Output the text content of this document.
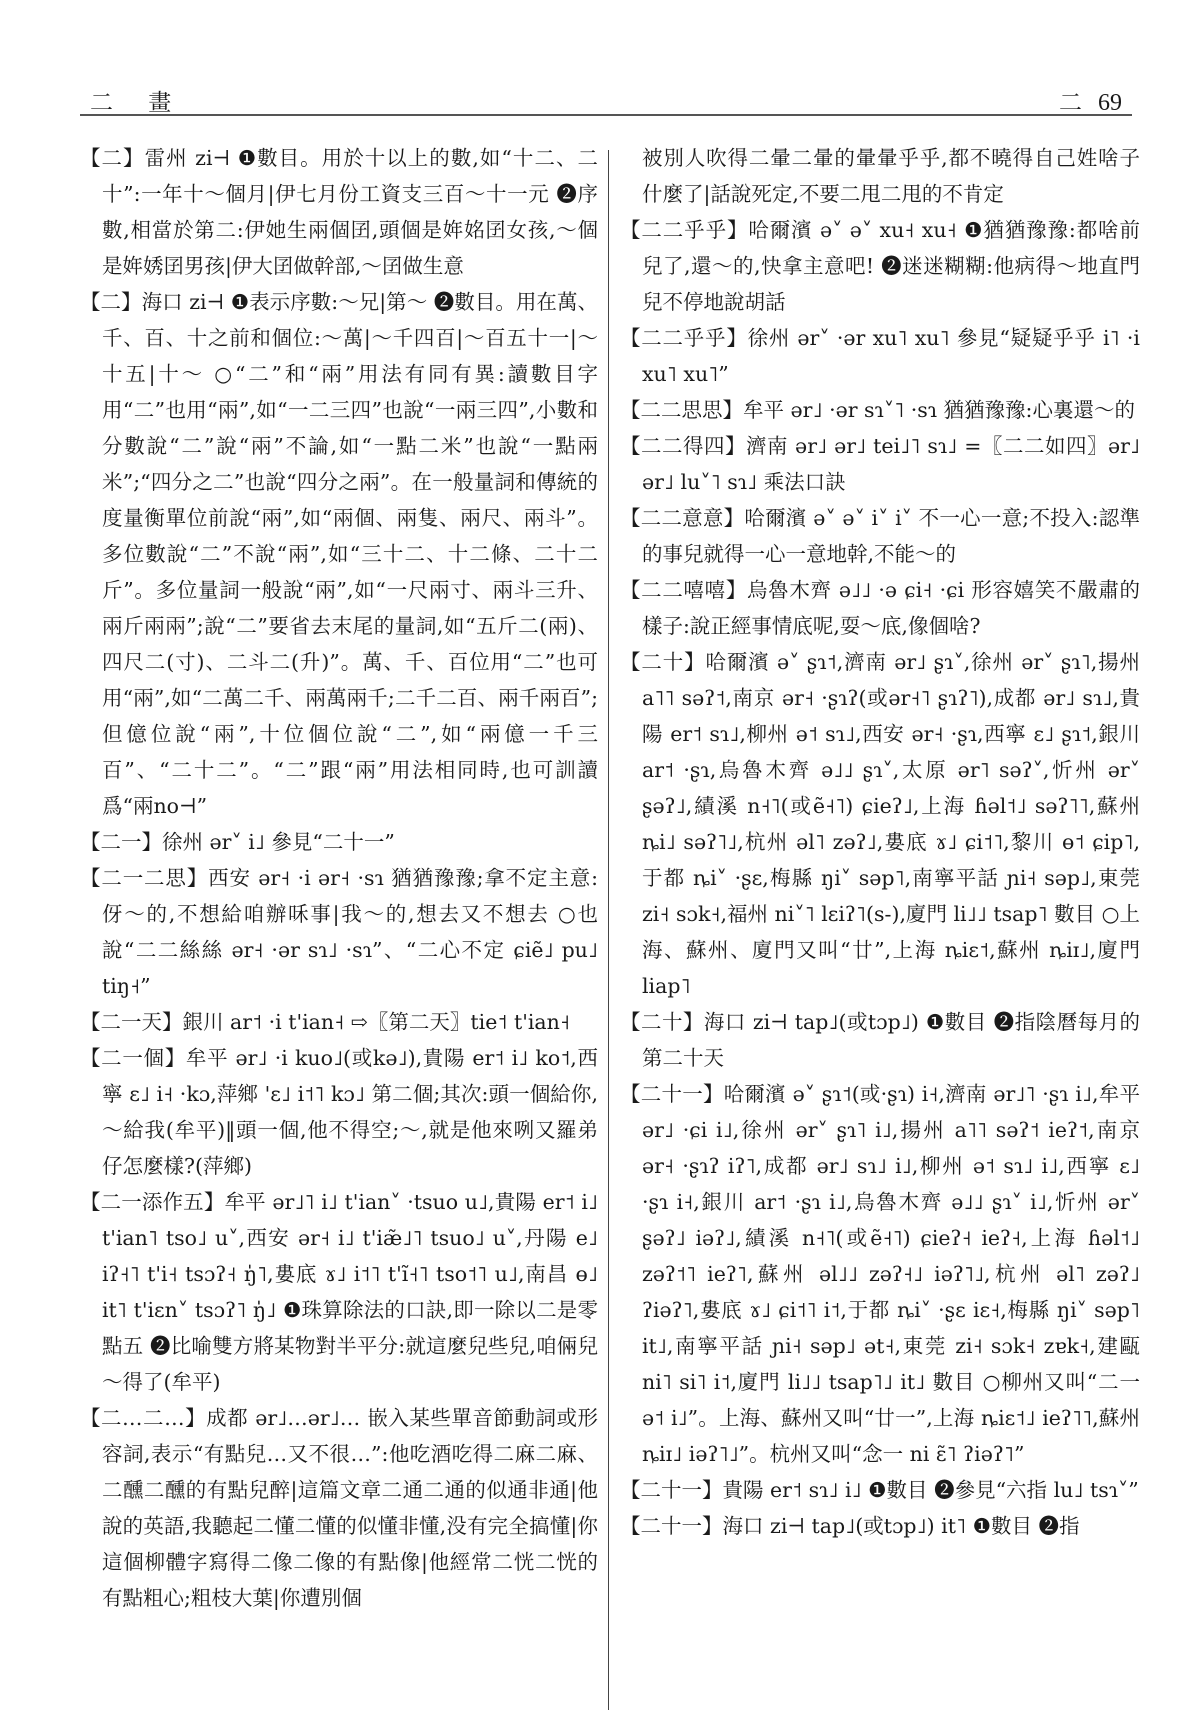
二 畫	二 69

【二】雷州 zi⊣ ❶數目。用於十以上的數,如“十二、二十”:一年十～個月|伊七月份工資支三百～十一元 ❷序數,相當於第二:伊她生兩個囝,頭個是姩姳囝女孩,～個是姩㛢囝男孩|伊大囝做幹部,～囝做生意

【二】海口 zi⊣ ❶表示序數:～兄|第～ ❷數目。用在萬、千、百、十之前和個位:～萬|～千四百|～百五十一|～十五|十～ ○“二”和“兩”用法有同有異:讀數目字用“二”也用“兩”,如“一二三四”也說“一兩三四”,小數和分數說“二”說“兩”不論,如“一點二米”也說“一點兩米”;“四分之二”也說“四分之兩”。在一般量詞和傳統的度量衡單位前說“兩”,如“兩個、兩隻、兩尺、兩斗”。多位數說“二”不說“兩”,如“三十二、十二條、二十二斤”。多位量詞一般說“兩”,如“一尺兩寸、兩斗三升、兩斤兩兩”;說“二”要省去末尾的量詞,如“五斤二(兩)、四尺二(寸)、二斗二(升)”。萬、千、百位用“二”也可用“兩”,如“二萬二千、兩萬兩千;二千二百、兩千兩百”;但億位說“兩”,十位個位說“二”,如“兩億一千三百”、“二十二”。“二”跟“兩”用法相同時,也可訓讀爲“兩no⊣”

【二一】徐州 ər˅ i˩ 參見“二十一”

【二一二思】西安 ər˧ ·i ər˧ ·sɿ 猶猶豫豫;拿不定主意:伢～的,不想給咱辦咊事|我～的,想去又不想去 ○也說“二二絲絲 ər˧ ·ər sɿ˩ ·sɿ”、“二心不定 ɕiẽ˩ pu˩ tiŋ˧”

【二一天】銀川 ar˦ ·i t'ian˧ ⇨〖第二天〗tie˦ t'ian˧

【二一個】牟平 ər˩ ·i kuo˩(或kə˩),貴陽 er˦ i˩ ko˦,西寧 ɛ˩ i˧ ·kɔ,萍鄉 'ɛ˩ i˦˥ kɔ˩ 第二個;其次:頭一個給你,～給我(牟平)‖頭一個,他不得空;～,就是他來咧又羅弟仔怎麼樣?(萍鄉)

【二一添作五】牟平 ər˩˥ i˩ t'ian˅ ·tsuo u˩,貴陽 er˦ i˩ t'ian˥ tso˩ u˅,西安 ər˧ i˩ t'iæ̃˩˥ tsuo˩ u˅,丹陽 e˩ iʔ˧˥ t'i˧ tsɔʔ˧ ŋ̍˥,婁底 ɤ˩ i˦˥ t'ĩ˧˥ tso˦˥ u˩,南昌 ɵ˩ it˥ t'iɛn˅ tsɔʔ˥ ŋ̍˩ ❶珠算除法的口訣,即一除以二是零點五 ❷比喻雙方將某物對半平分:就這麼兒些兒,咱倆兒～得了(牟平)

【二…二…】成都 ər˩…ər˩… 嵌入某些單音節動詞或形容詞,表示“有點兒…又不很…”:他吃酒吃得二麻二麻、二醺二醺的有點兒醉|這篇文章二通二通的似通非通|他說的英語,我聽起二懂二懂的似懂非懂,没有完全搞懂|你這個柳體字寫得二像二像的有點像|他經常二恍二恍的有點粗心;粗枝大葉|你遭別個

被別人吹得二暈二暈的暈暈乎乎,都不曉得自己姓啥子什麼了|話說死定,不要二甩二甩的不肯定

【二二乎乎】哈爾濱 ə˅ ə˅ xu˧ xu˧ ❶猶猶豫豫:都啥前兒了,還～的,快拿主意吧! ❷迷迷糊糊:他病得～地直門兒不停地說胡話

【二二乎乎】徐州 ər˅ ·ər xu˥ xu˥ 參見“疑疑乎乎 i˥ ·i xu˥ xu˥”

【二二思思】牟平 ər˩ ·ər sɿ˅˥ ·sɿ 猶猶豫豫:心裏還～的

【二二得四】濟南 ər˩ ər˩ tei˩˥ sɿ˩ =〖二二如四〗ər˩ ər˩ lu˅˥ sɿ˩ 乘法口訣

【二二意意】哈爾濱 ə˅ ə˅ i˅ i˅ 不一心一意;不投入:認準的事兒就得一心一意地幹,不能～的

【二二嘻嘻】烏魯木齊 ə˩˩ ·ə ɕi˧ ·ɕi 形容嬉笑不嚴肅的樣子:說正經事情底呢,耍～底,像個啥?

【二十】哈爾濱 ə˅ ʂɿ˦,濟南 ər˩ ʂɿ˅,徐州 ər˅ ʂɿ˥,揚州 a˥˥ səʔ˦,南京 ər˧ ·ʂɿʔ(或ər˧˥ ʂɿʔ˥),成都 ər˩ sɿ˩,貴陽 er˦ sɿ˩,柳州 ə˦ sɿ˩,西安 ər˧ ·ʂɿ,西寧 ɛ˩ ʂɿ˦,銀川 ar˦ ·ʂɿ,烏魯木齊 ə˩˩ ʂɿ˅,太原 ər˥ səʔ˅,忻州 ər˅ ʂəʔ˩,績溪 n˧˥(或ẽ˧˥) ɕieʔ˩,上海 ɦəl˦˩ səʔ˥˥,蘇州 ȵi˩ səʔ˥˩,杭州 əl˥ zəʔ˩,婁底 ɤ˩ ɕi˦˥,黎川 ɵ˦ ɕip˥,于都 ȵi˅ ·ʂɛ,梅縣 ŋi˅ səp˥,南寧平話 ɲi˧ səp˩,東莞 zi˧ sɔk˧,福州 ni˅˥ lɛiʔ˥(s-),廈門 li˩˩ tsap˥ 數目 ○上海、蘇州、廈門又叫“廿”,上海 ȵiɛ˦,蘇州 ȵiɪ˩,廈門 liap˥

【二十】海口 zi⊣ tap˩(或tɔp˩) ❶數目 ❷指陰曆每月的第二十天

【二十一】哈爾濱 ə˅ ʂɿ˦(或·ʂɿ) i˧,濟南 ər˩˥ ·ʂɿ i˩,牟平 ər˩ ·ɕi i˩,徐州 ər˅ ʂɿ˥ i˩,揚州 a˥˥ səʔ˦ ieʔ˦,南京 ər˧ ·ʂɿʔ iʔ˥,成都 ər˩ sɿ˩ i˩,柳州 ə˦ sɿ˩ i˩,西寧 ɛ˩ ·ʂɿ i˧,銀川 ar˦ ·ʂɿ i˩,烏魯木齊 ə˩˩ ʂɿ˅ i˩,忻州 ər˅ ʂəʔ˩ iəʔ˩,績溪 n˧˥(或ẽ˧˥) ɕieʔ˧ ieʔ˧,上海 ɦəl˦˩ zəʔ˦˥ ieʔ˥,蘇州 əl˩˩ zəʔ˧˩ iəʔ˥˩,杭州 əl˥ zəʔ˩ ʔiəʔ˥,婁底 ɤ˩ ɕi˦˥ i˦,于都 ȵi˅ ·ʂɛ iɛ˧,梅縣 ŋi˅ səp˥ it˩,南寧平話 ɲi˧ səp˩ ət˧,東莞 zi˧ sɔk˧ zɐk˧,建甌 ni˥ si˥ i˦,廈門 li˩˩ tsap˥˩ it˩ 數目 ○柳州又叫“二一 ə˦ i˩”。上海、蘇州又叫“廿一”,上海 ȵiɛ˦˩ ieʔ˥˥,蘇州 ȵiɪ˩ iəʔ˥˩”。杭州又叫“念一 ni ɛ̃˥ ʔiəʔ˥”

【二十一】貴陽 er˦ sɿ˩ i˩ ❶數目 ❷參見“六指 lu˩ tsɿ˅”

【二十一】海口 zi⊣ tap˩(或tɔp˩) it˥ ❶數目 ❷指
